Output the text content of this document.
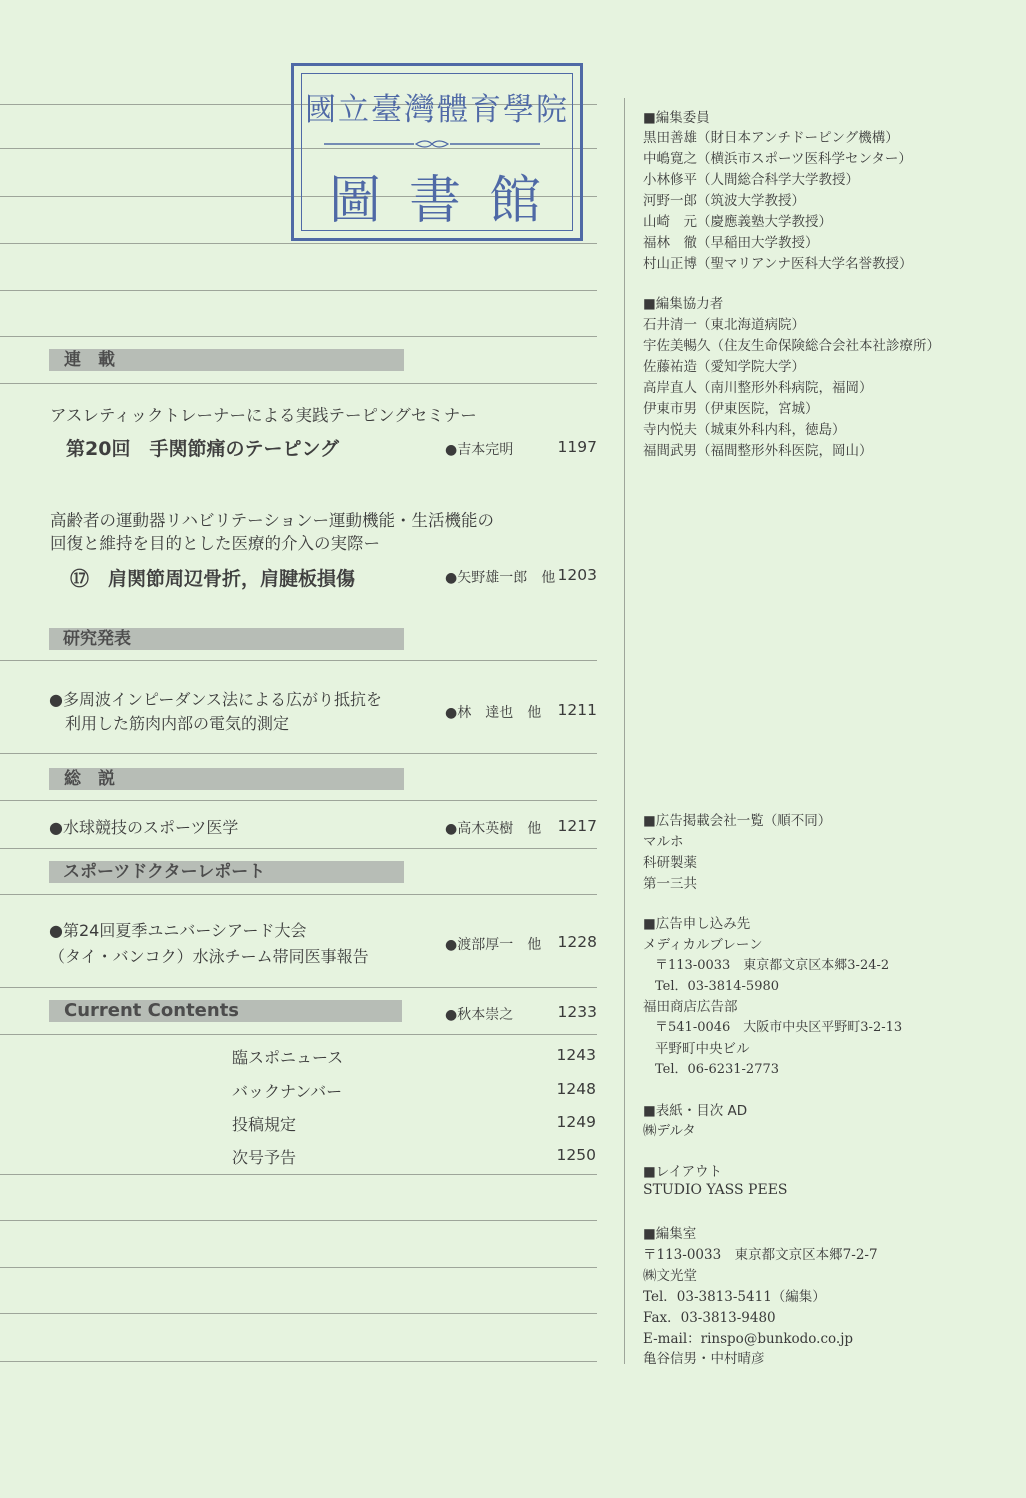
國立臺灣體育學院
圖書館
連　載
アスレティックトレーナーによる実践テーピングセミナー
第20回　手関節痛のテーピング	●吉本完明	1197
高齢者の運動器リハビリテーションー運動機能・生活機能の
回復と維持を目的とした医療的介入の実際ー
⑰　肩関節周辺骨折，肩腱板損傷	●矢野雄一郎　他 1203
研究発表
●多周波インピーダンス法による広がり抵抗を
利用した筋肉内部の電気的測定
●林　達也　他	1211
総　説
●水球競技のスポーツ医学	●高木英樹　他	1217
スポーツドクターレポート
●第24回夏季ユニバーシアード大会
（タイ・バンコク）水泳チーム帯同医事報告
●渡部厚一　他	1228
Current Contents	●秋本崇之	1233
臨スポニュース	1243
バックナンバー	1248
投稿規定	1249
次号予告	1250
■編集委員
黒田善雄（財日本アンチドーピング機構）
中嶋寛之（横浜市スポーツ医科学センター）
小林修平（人間総合科学大学教授）
河野一郎（筑波大学教授）
山崎　元（慶應義塾大学教授）
福林　徹（早稲田大学教授）
村山正博（聖マリアンナ医科大学名誉教授）
■編集協力者
石井清一（東北海道病院）
宇佐美暢久（住友生命保険総合会社本社診療所）
佐藤祐造（愛知学院大学）
高岸直人（南川整形外科病院，福岡）
伊東市男（伊東医院，宮城）
寺内悦夫（城東外科内科，徳島）
福間武男（福間整形外科医院，岡山）
■広告掲載会社一覧（順不同）
マルホ
科研製薬
第一三共
■広告申し込み先
メディカルブレーン
〒113-0033　東京都文京区本郷3-24-2
Tel．03-3814-5980
福田商店広告部
〒541-0046　大阪市中央区平野町3-2-13
平野町中央ビル
Tel．06-6231-2773
■表紙・目次 AD
㈱デルタ
■レイアウト
STUDIO YASS PEES
■編集室
〒113-0033　東京都文京区本郷7-2-7
㈱文光堂
Tel．03-3813-5411（編集）
Fax．03-3813-9480
E-mail：rinspo@bunkodo.co.jp
亀谷信男・中村晴彦
